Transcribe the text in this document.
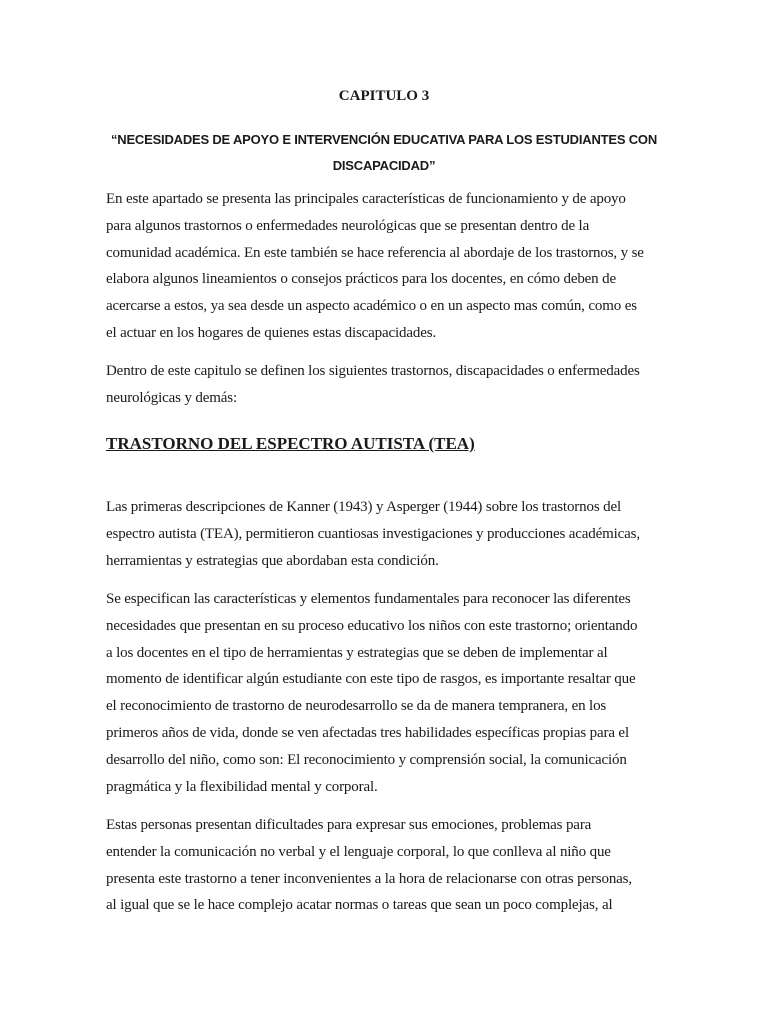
CAPITULO 3
“NECESIDADES DE APOYO E INTERVENCIÓN EDUCATIVA PARA LOS ESTUDIANTES CON
DISCAPACIDAD”
En este apartado se presenta las principales características de funcionamiento y de apoyo
para algunos trastornos o enfermedades neurológicas que se presentan dentro de la
comunidad académica. En este también se hace referencia al abordaje de los trastornos, y se
elabora algunos lineamientos o consejos prácticos para los docentes, en cómo deben de
acercarse a estos, ya sea desde un aspecto académico o en un aspecto mas común, como es
el actuar en los hogares de quienes estas discapacidades.
Dentro de este capitulo se definen los siguientes trastornos, discapacidades o enfermedades
neurológicas y demás:
TRASTORNO DEL ESPECTRO AUTISTA (TEA)
Las primeras descripciones de Kanner (1943) y Asperger (1944) sobre los trastornos del
espectro autista (TEA), permitieron cuantiosas investigaciones y producciones académicas,
herramientas y estrategias que abordaban esta condición.
Se especifican las características y elementos fundamentales para reconocer las diferentes
necesidades que presentan en su proceso educativo los niños con este trastorno; orientando
a los docentes en el tipo de herramientas y estrategias que se deben de implementar al
momento de identificar algún estudiante con este tipo de rasgos, es importante resaltar que
el reconocimiento de trastorno de neurodesarrollo se da de manera tempranera, en los
primeros años de vida, donde se ven afectadas tres habilidades específicas propias para el
desarrollo del niño, como son: El reconocimiento y comprensión social, la comunicación
pragmática y la flexibilidad mental y corporal.
Estas personas presentan dificultades para expresar sus emociones, problemas para
entender la comunicación no verbal y el lenguaje corporal, lo que conlleva al niño que
presenta este trastorno a tener inconvenientes a la hora de relacionarse con otras personas,
al igual que se le hace complejo acatar normas o tareas que sean un poco complejas, al
